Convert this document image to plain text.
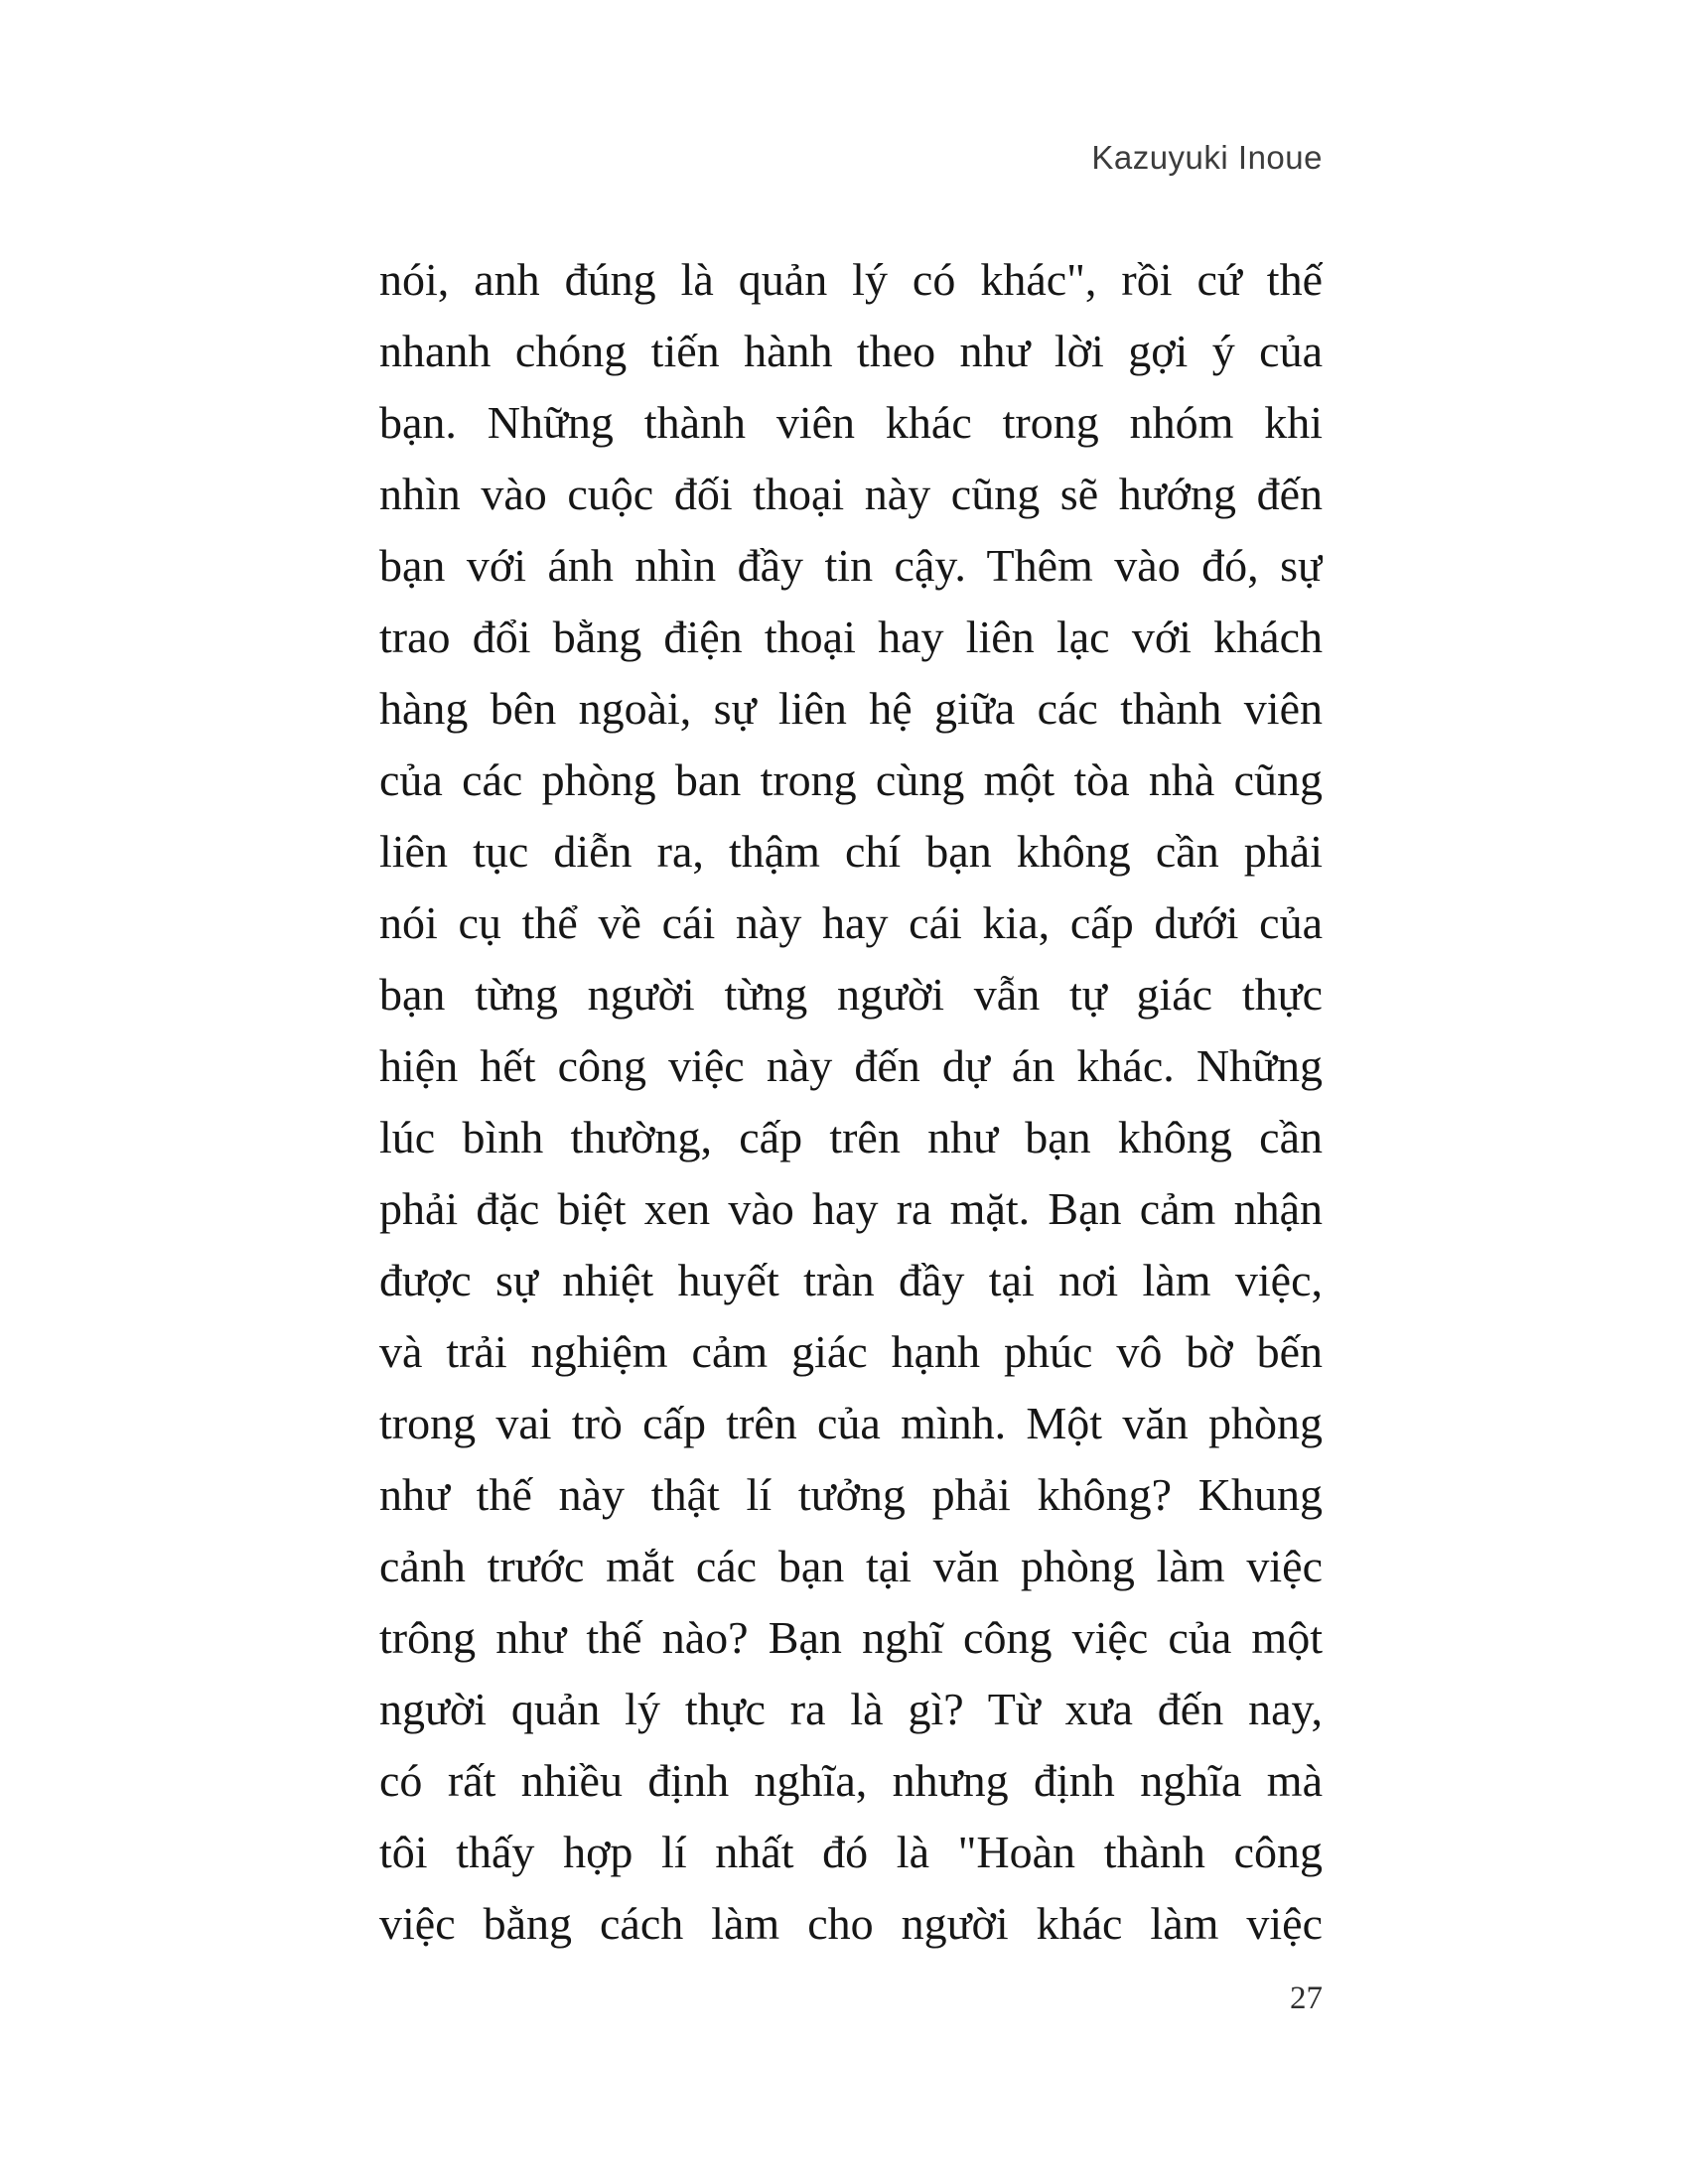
Kazuyuki Inoue
nói, anh đúng là quản lý có khác", rồi cứ thế
nhanh chóng tiến hành theo như lời gợi ý của
bạn. Những thành viên khác trong nhóm khi
nhìn vào cuộc đối thoại này cũng sẽ hướng đến
bạn với ánh nhìn đầy tin cậy. Thêm vào đó, sự
trao đổi bằng điện thoại hay liên lạc với khách
hàng bên ngoài, sự liên hệ giữa các thành viên
của các phòng ban trong cùng một tòa nhà cũng
liên tục diễn ra, thậm chí bạn không cần phải
nói cụ thể về cái này hay cái kia, cấp dưới của
bạn từng người từng người vẫn tự giác thực
hiện hết công việc này đến dự án khác. Những
lúc bình thường, cấp trên như bạn không cần
phải đặc biệt xen vào hay ra mặt. Bạn cảm nhận
được sự nhiệt huyết tràn đầy tại nơi làm việc,
và trải nghiệm cảm giác hạnh phúc vô bờ bến
trong vai trò cấp trên của mình. Một văn phòng
như thế này thật lí tưởng phải không? Khung
cảnh trước mắt các bạn tại văn phòng làm việc
trông như thế nào? Bạn nghĩ công việc của một
người quản lý thực ra là gì? Từ xưa đến nay,
có rất nhiều định nghĩa, nhưng định nghĩa mà
tôi thấy hợp lí nhất đó là "Hoàn thành công
việc bằng cách làm cho người khác làm việc
27
